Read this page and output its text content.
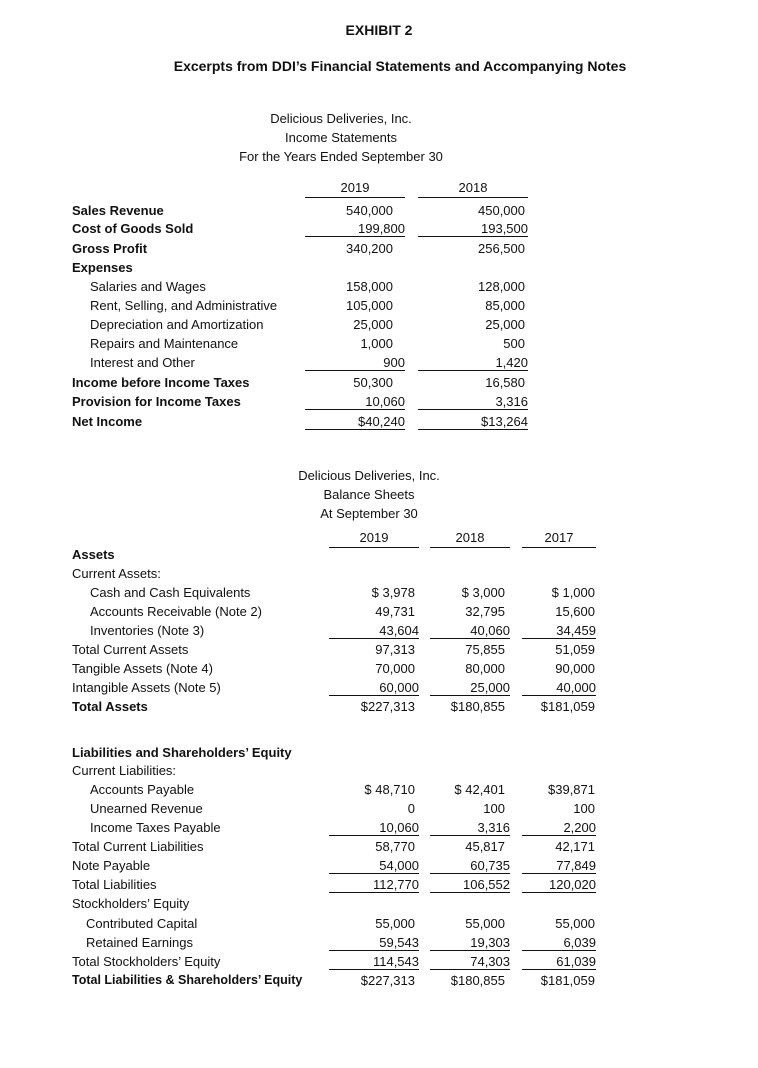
EXHIBIT 2
Excerpts from DDI’s Financial Statements and Accompanying Notes
Delicious Deliveries, Inc.
Income Statements
For the Years Ended September 30
2019	2018
Sales Revenue	540,000	450,000
Cost of Goods Sold	199,800	193,500
Gross Profit	340,200	256,500
Expenses
Salaries and Wages	158,000	128,000
Rent, Selling, and Administrative	105,000	85,000
Depreciation and Amortization	25,000	25,000
Repairs and Maintenance	1,000	500
Interest and Other	900	1,420
Income before Income Taxes	50,300	16,580
Provision for Income Taxes	10,060	3,316
Net Income	$40,240	$13,264
Delicious Deliveries, Inc.
Balance Sheets
At September 30
2019	2018	2017
Assets
Current Assets:
Cash and Cash Equivalents	$ 3,978	$ 3,000	$ 1,000
Accounts Receivable (Note 2)	49,731	32,795	15,600
Inventories (Note 3)	43,604	40,060	34,459
Total Current Assets	97,313	75,855	51,059
Tangible Assets (Note 4)	70,000	80,000	90,000
Intangible Assets (Note 5)	60,000	25,000	40,000
Total Assets	$227,313	$180,855	$181,059
Liabilities and Shareholders’ Equity
Current Liabilities:
Accounts Payable	$ 48,710	$ 42,401	$39,871
Unearned Revenue	0	100	100
Income Taxes Payable	10,060	3,316	2,200
Total Current Liabilities	58,770	45,817	42,171
Note Payable	54,000	60,735	77,849
Total Liabilities	112,770	106,552	120,020
Stockholders’ Equity
Contributed Capital	55,000	55,000	55,000
Retained Earnings	59,543	19,303	6,039
Total Stockholders’ Equity	114,543	74,303	61,039
Total Liabilities & Shareholders’ Equity	$227,313	$180,855	$181,059
